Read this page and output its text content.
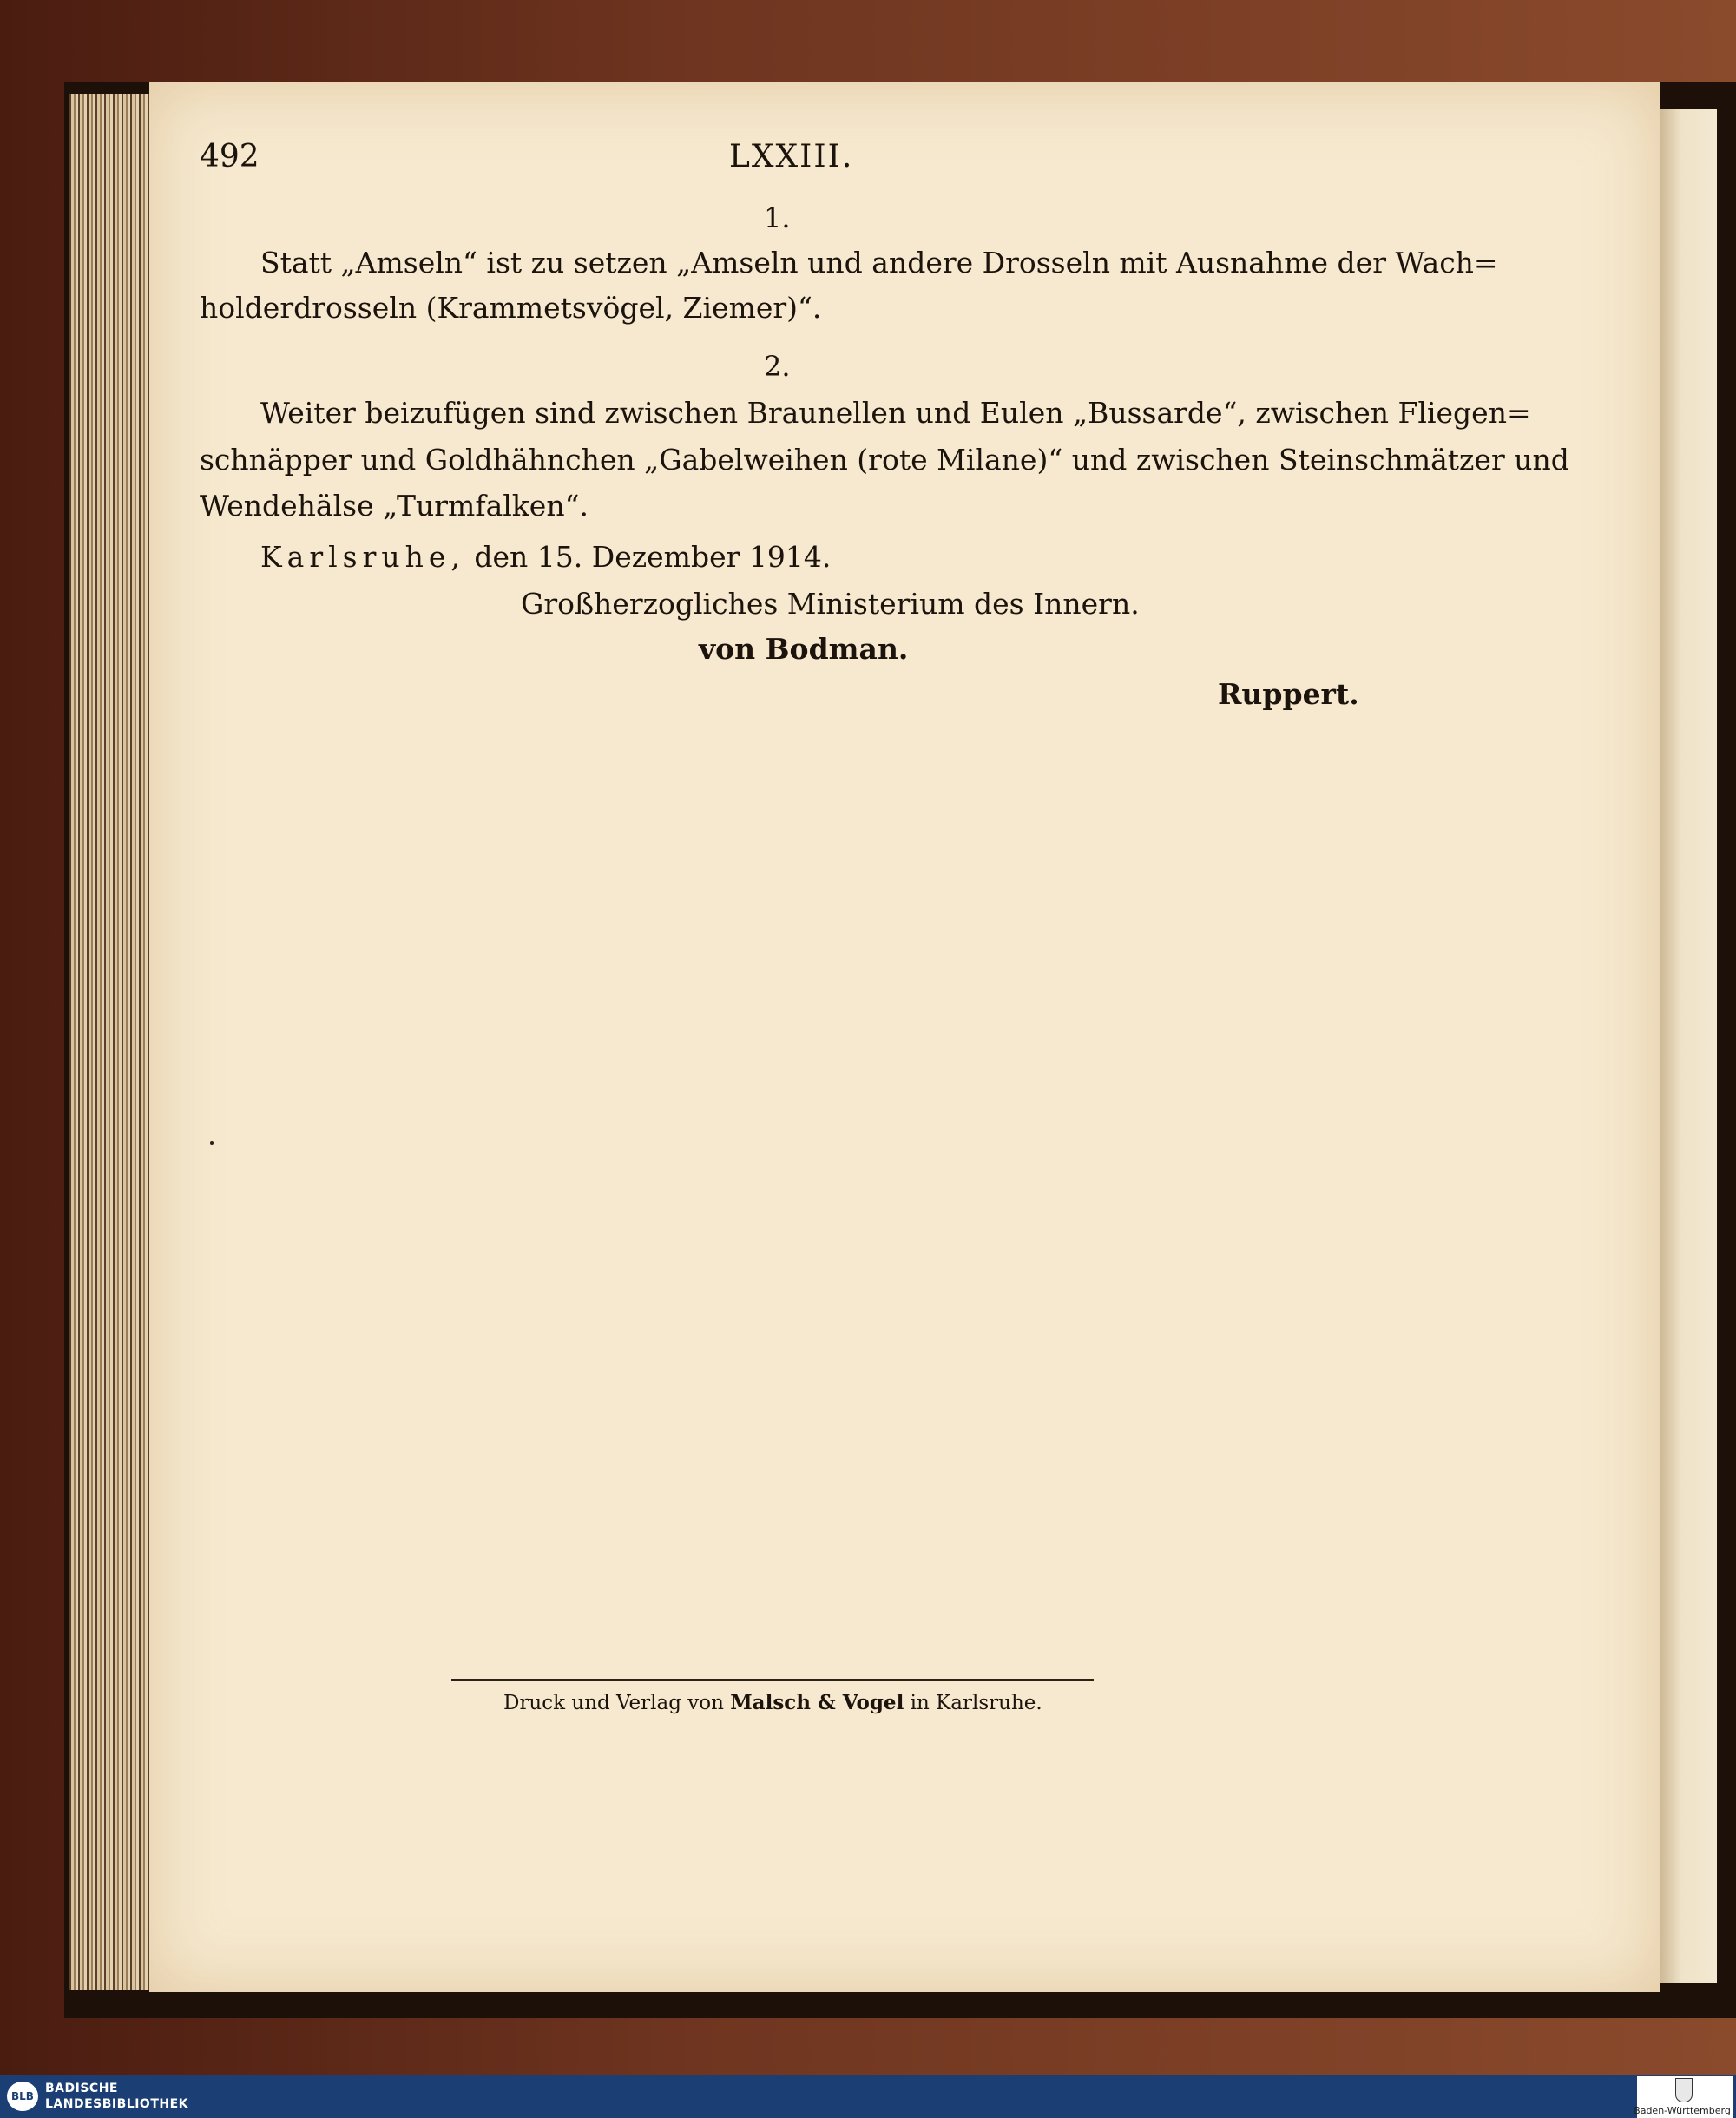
492	LXXIII.
1.
Statt „Amseln“ ist zu setzen „Amseln und andere Drosseln mit Ausnahme der Wach=
holderdrosseln (Krammetsvögel, Ziemer)“.
2.
Weiter beizufügen sind zwischen Braunellen und Eulen „Bussarde“, zwischen Fliegen=
schnäpper und Goldhähnchen „Gabelweihen (rote Milane)“ und zwischen Steinschmätzer und
Wendehälse „Turmfalken“.
Karlsruhe, den 15. Dezember 1914.
Großherzogliches Ministerium des Innern.
von Bodman.
Ruppert.
Druck und Verlag von Malsch & Vogel in Karlsruhe.
BLB
BADISCHE
LANDESBIBLIOTHEK	Baden-Württemberg
